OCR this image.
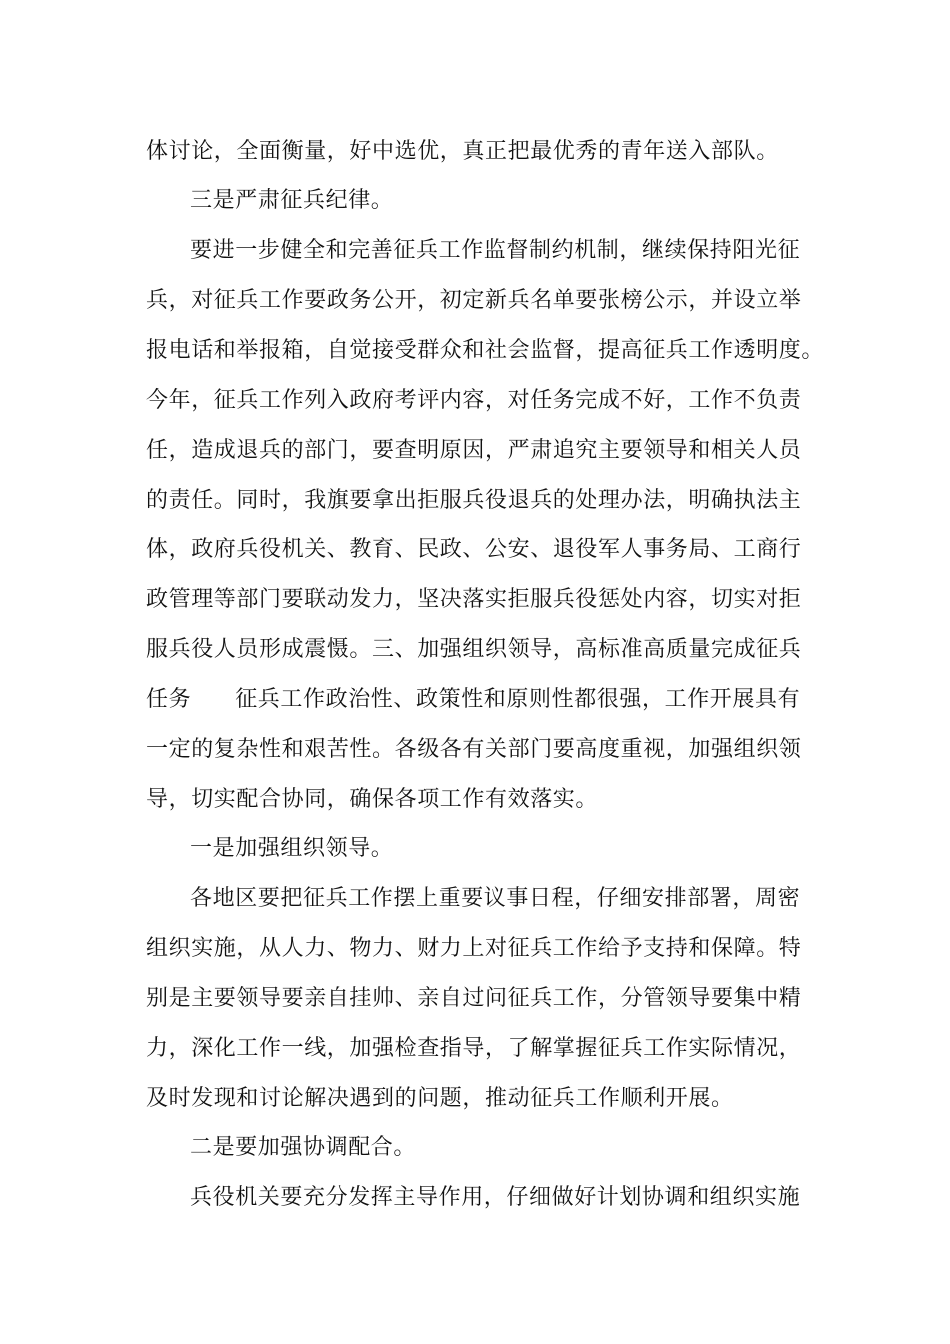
体讨论，全面衡量，好中选优，真正把最优秀的青年送入部队。
三是严肃征兵纪律。
要进一步健全和完善征兵工作监督制约机制，继续保持阳光征
兵，对征兵工作要政务公开，初定新兵名单要张榜公示，并设立举
报电话和举报箱，自觉接受群众和社会监督，提高征兵工作透明度。
今年，征兵工作列入政府考评内容，对任务完成不好，工作不负责
任，造成退兵的部门，要查明原因，严肃追究主要领导和相关人员
的责任。同时，我旗要拿出拒服兵役退兵的处理办法，明确执法主
体，政府兵役机关、教育、民政、公安、退役军人事务局、工商行
政管理等部门要联动发力，坚决落实拒服兵役惩处内容，切实对拒
服兵役人员形成震慑。三、加强组织领导，高标准高质量完成征兵
任务 征兵工作政治性、政策性和原则性都很强，工作开展具有
一定的复杂性和艰苦性。各级各有关部门要高度重视，加强组织领
导，切实配合协同，确保各项工作有效落实。
一是加强组织领导。
各地区要把征兵工作摆上重要议事日程，仔细安排部署，周密
组织实施，从人力、物力、财力上对征兵工作给予支持和保障。特
别是主要领导要亲自挂帅、亲自过问征兵工作，分管领导要集中精
力，深化工作一线，加强检查指导，了解掌握征兵工作实际情况，
及时发现和讨论解决遇到的问题，推动征兵工作顺利开展。
二是要加强协调配合。
兵役机关要充分发挥主导作用，仔细做好计划协调和组织实施
